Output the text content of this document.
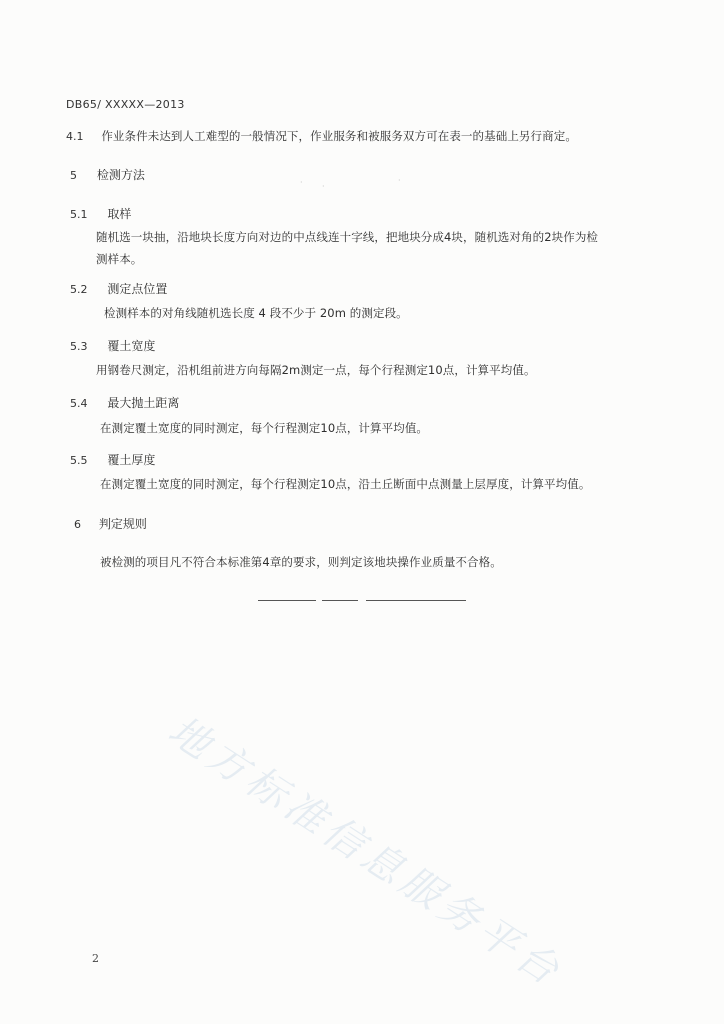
DB65/ XXXXX—2013
4.1 作业条件未达到人工难型的一般情况下，作业服务和被服务双方可在表一的基础上另行商定。
5 检测方法
5.1 取样
随机选一块抽，沿地块长度方向对边的中点线连十字线，把地块分成4块，随机选对角的2块作为检
测样本。
5.2 测定点位置
检测样本的对角线随机选长度 4 段不少于 20m 的测定段。
5.3 覆土宽度
用钢卷尺测定，沿机组前进方向每隔2m测定一点，每个行程测定10点，计算平均值。
5.4 最大抛土距离
在测定覆土宽度的同时测定，每个行程测定10点，计算平均值。
5.5 覆土厚度
在测定覆土宽度的同时测定，每个行程测定10点，沿土丘断面中点测量上层厚度，计算平均值。
6 判定规则
被检测的项目凡不符合本标准第4章的要求，则判定该地块操作业质量不合格。
· ·
·
地方标准信息服务平台
2
